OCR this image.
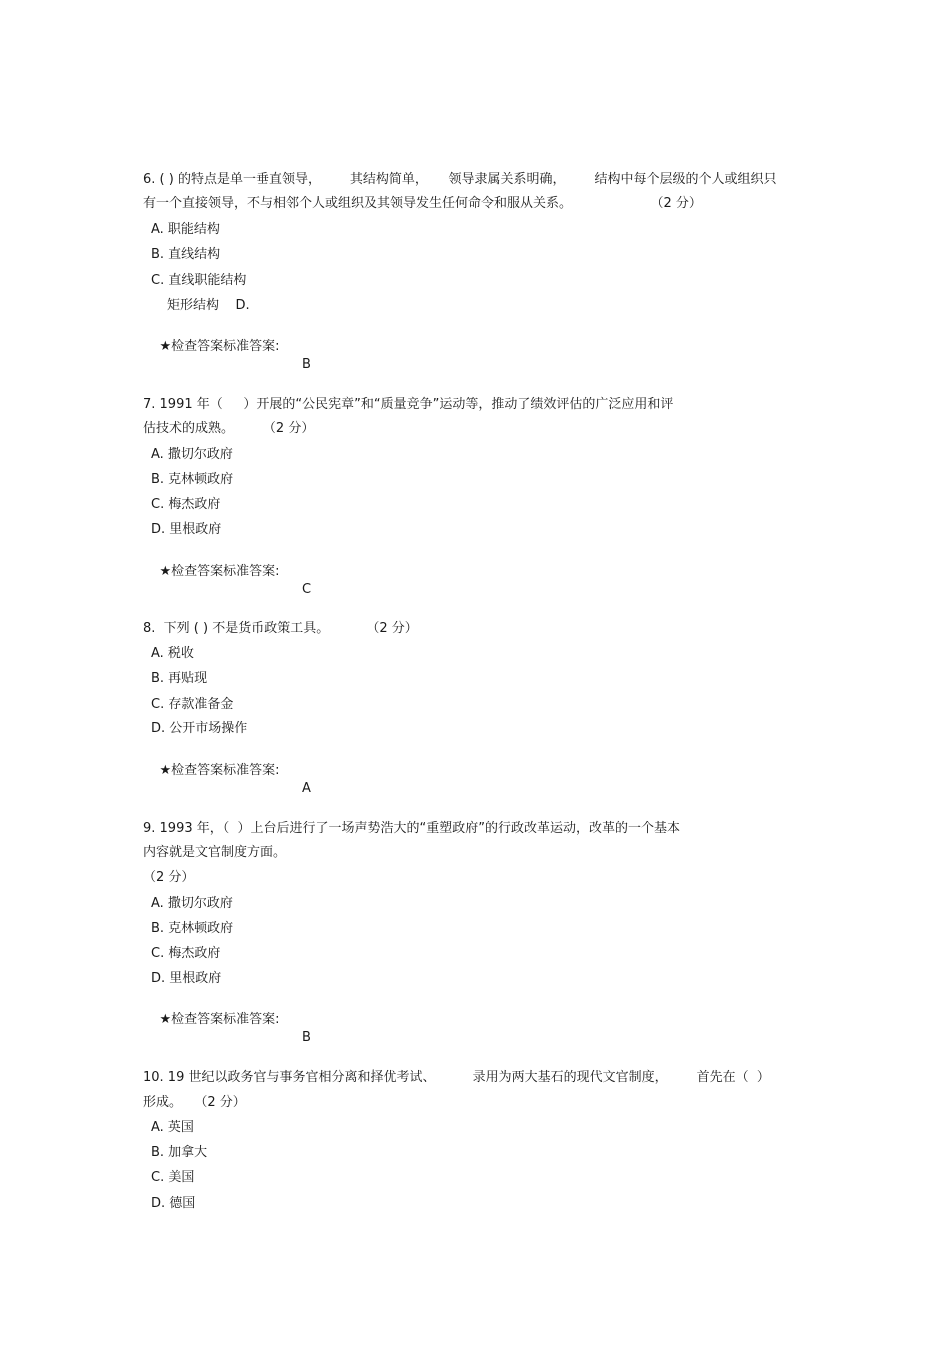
6. ( ) 的特点是单一垂直领导，       其结构简单，     领导隶属关系明确，       结构中每个层级的个人或组织只
有一个直接领导，不与相邻个人或组织及其领导发生任何命令和服从关系。                   （2 分）
A. 职能结构
B. 直线结构
C. 直线职能结构
矩形结构    D.

★检查答案标准答案:

B

7. 1991 年（     ）开展的“公民宪章”和“质量竞争”运动等，推动了绩效评估的广泛应用和评
估技术的成熟。       （2 分）
A. 撒切尔政府
B. 克林顿政府
C. 梅杰政府
D. 里根政府

★检查答案标准答案:

C

8.  下列 ( ) 不是货币政策工具。         （2 分）
A. 税收
B. 再贴现
C. 存款准备金
D. 公开市场操作

★检查答案标准答案:

A

9. 1993 年，（  ）上台后进行了一场声势浩大的“重塑政府”的行政改革运动，改革的一个基本
内容就是文官制度方面。
（2 分）
A. 撒切尔政府
B. 克林顿政府
C. 梅杰政府
D. 里根政府

★检查答案标准答案:

B

10. 19 世纪以政务官与事务官相分离和择优考试、         录用为两大基石的现代文官制度，       首先在（  ）
形成。   （2 分）
A. 英国
B. 加拿大
C. 美国
D. 德国
